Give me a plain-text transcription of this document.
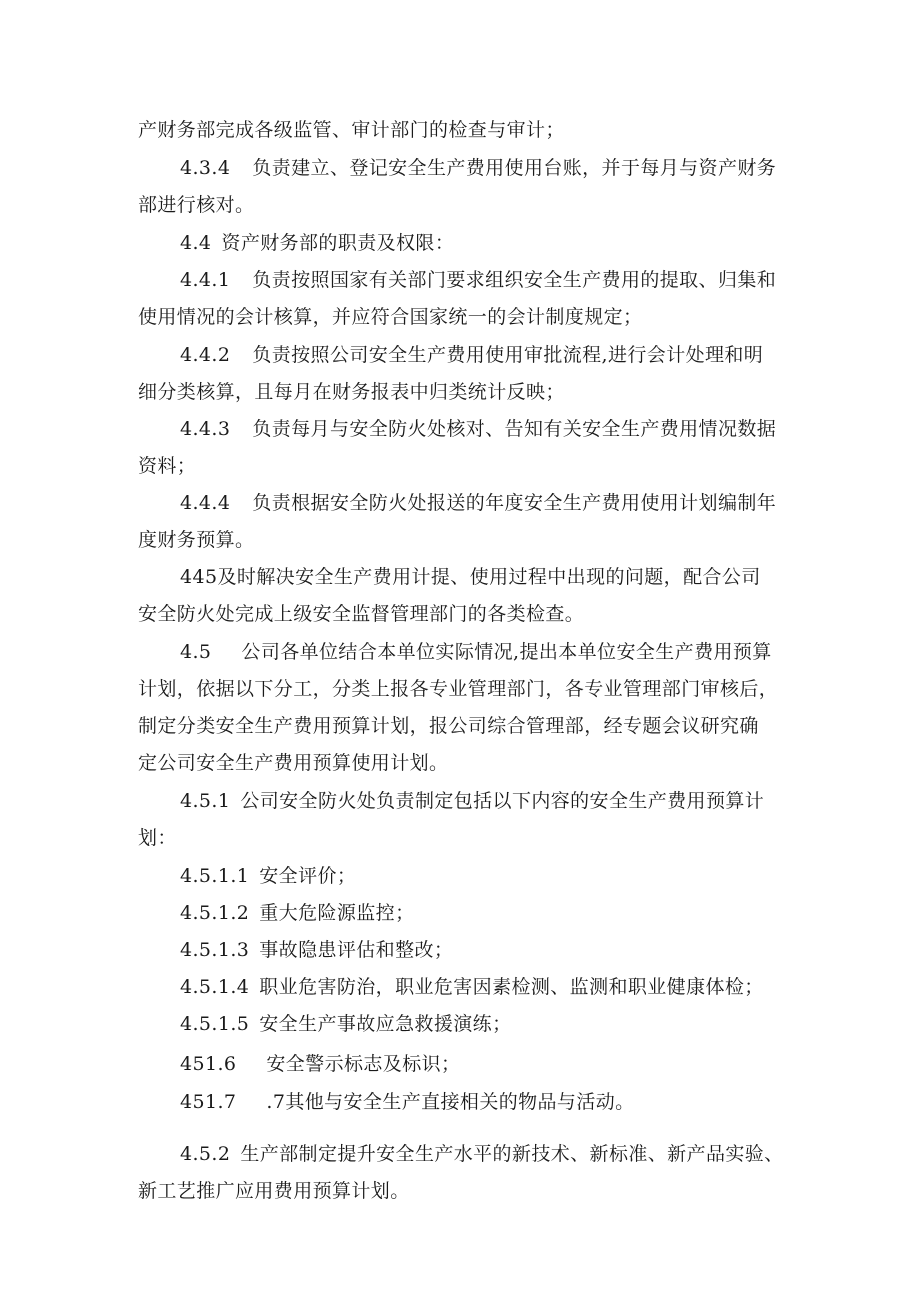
产财务部完成各级监管、审计部门的检查与审计；
4.3.4 负责建立、登记安全生产费用使用台账，并于每月与资产财务
部进行核对。
4.4 资产财务部的职责及权限：
4.4.1 负责按照国家有关部门要求组织安全生产费用的提取、归集和
使用情况的会计核算，并应符合国家统一的会计制度规定；
4.4.2 负责按照公司安全生产费用使用审批流程,进行会计处理和明
细分类核算，且每月在财务报表中归类统计反映；
4.4.3 负责每月与安全防火处核对、告知有关安全生产费用情况数据
资料；
4.4.4 负责根据安全防火处报送的年度安全生产费用使用计划编制年
度财务预算。
445及时解决安全生产费用计提、使用过程中出现的问题，配合公司
安全防火处完成上级安全监督管理部门的各类检查。
4.5 公司各单位结合本单位实际情况,提出本单位安全生产费用预算
计划，依据以下分工，分类上报各专业管理部门，各专业管理部门审核后，
制定分类安全生产费用预算计划，报公司综合管理部，经专题会议研究确
定公司安全生产费用预算使用计划。
4.5.1 公司安全防火处负责制定包括以下内容的安全生产费用预算计
划：
4.5.1.1 安全评价；
4.5.1.2 重大危险源监控；
4.5.1.3 事故隐患评估和整改；
4.5.1.4 职业危害防治，职业危害因素检测、监测和职业健康体检；
4.5.1.5 安全生产事故应急救援演练；
451.6 安全警示标志及标识；
451.7 .7其他与安全生产直接相关的物品与活动。
4.5.2 生产部制定提升安全生产水平的新技术、新标准、新产品实验、
新工艺推广应用费用预算计划。
